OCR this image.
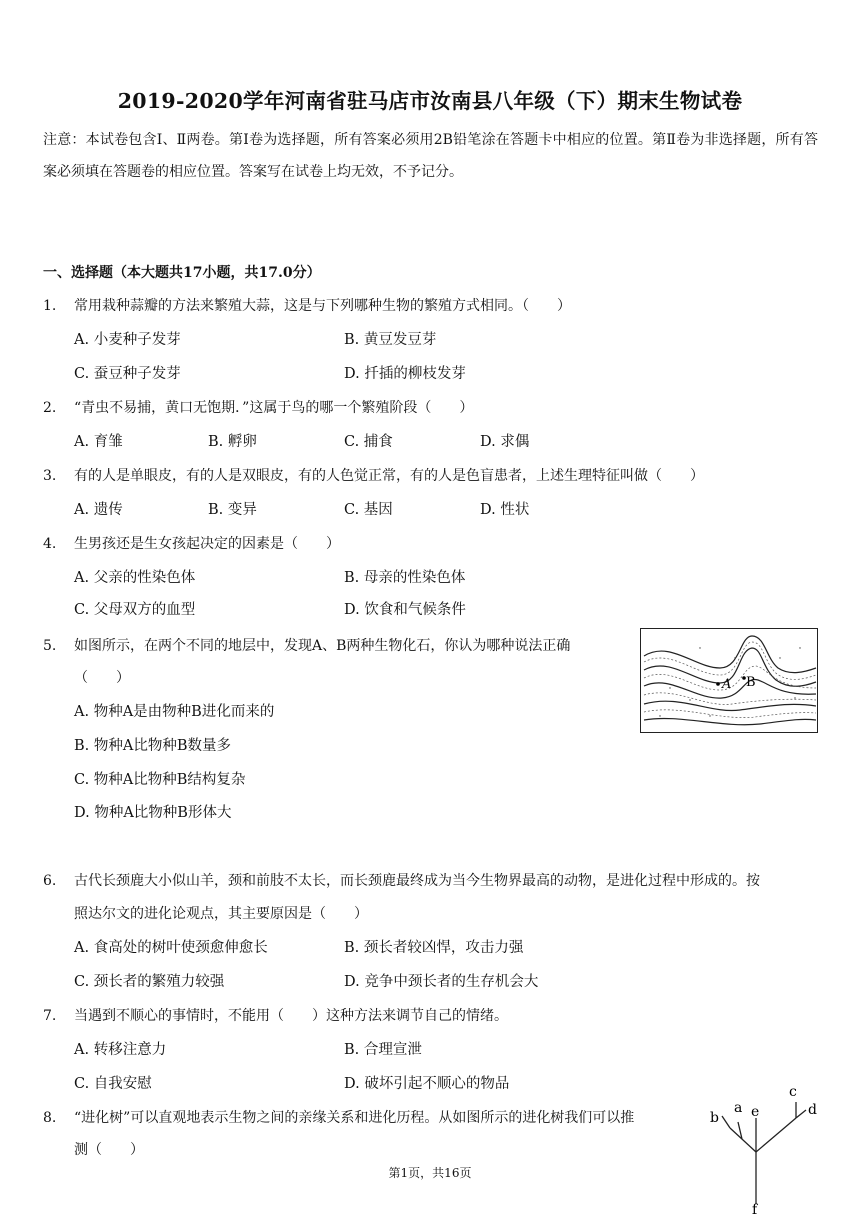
2019-2020学年河南省驻马店市汝南县八年级（下）期末生物试卷
注意：本试卷包含Ⅰ、Ⅱ两卷。第Ⅰ卷为选择题，所有答案必须用2B铅笔涂在答题卡中相应的位置。第Ⅱ卷为非选择题，所有答案必须填在答题卷的相应位置。答案写在试卷上均无效，不予记分。
一、选择题（本大题共17小题，共17.0分）
1. 常用栽种蒜瓣的方法来繁殖大蒜，这是与下列哪种生物的繁殖方式相同。（　　）
A. 小麦种子发芽	B. 黄豆发豆芽
C. 蚕豆种子发芽	D. 扦插的柳枝发芽
2. “青虫不易捕，黄口无饱期．”这属于鸟的哪一个繁殖阶段（　　）
A. 育雏	B. 孵卵	C. 捕食	D. 求偶
3. 有的人是单眼皮，有的人是双眼皮，有的人色觉正常，有的人是色盲患者，上述生理特征叫做（　　）
A. 遗传	B. 变异	C. 基因	D. 性状
4. 生男孩还是生女孩起决定的因素是（　　）
A. 父亲的性染色体	B. 母亲的性染色体
C. 父母双方的血型	D. 饮食和气候条件
5. 如图所示，在两个不同的地层中，发现A、B两种生物化石，你认为哪种说法正确
（　　）
A. 物种A是由物种B进化而来的
B. 物种A比物种B数量多
C. 物种A比物种B结构复杂
D. 物种A比物种B形体大
A B
6. 古代长颈鹿大小似山羊，颈和前肢不太长，而长颈鹿最终成为当今生物界最高的动物，是进化过程中形成的。按
照达尔文的进化论观点，其主要原因是（　　）
A. 食高处的树叶使颈愈伸愈长	B. 颈长者较凶悍，攻击力强
C. 颈长者的繁殖力较强	D. 竞争中颈长者的生存机会大
7. 当遇到不顺心的事情时，不能用（　　）这种方法来调节自己的情绪。
A. 转移注意力	B. 合理宣泄
C. 自我安慰	D. 破坏引起不顺心的物品
8. “进化树”可以直观地表示生物之间的亲缘关系和进化历程。从如图所示的进化树我们可以推
测（　　）
b
a e
c
d
f
第1页，共16页
